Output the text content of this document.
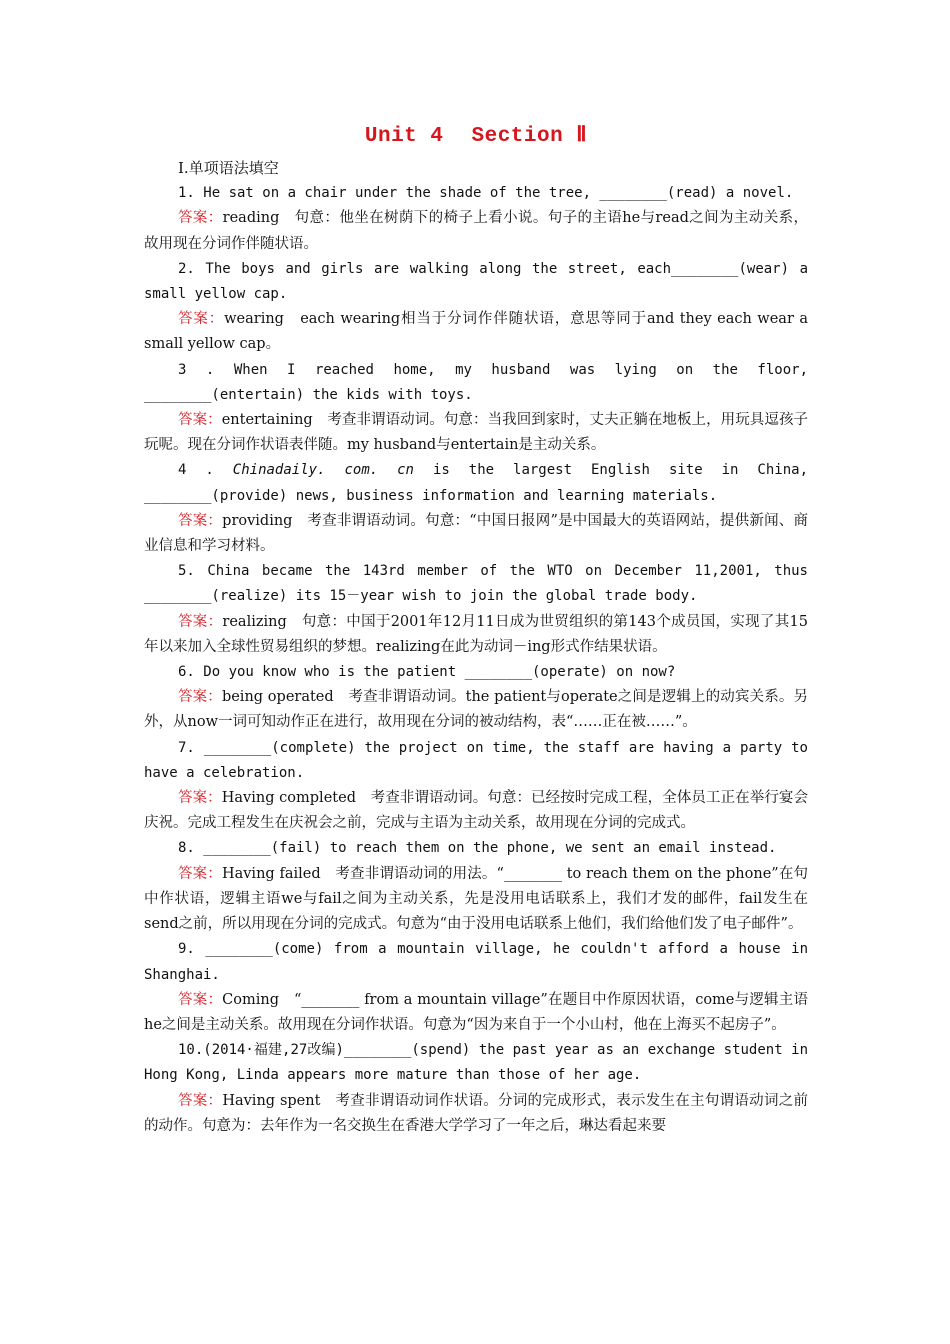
Unit 4 Section Ⅱ

Ⅰ.单项语法填空

1. He sat on a chair under the shade of the tree, ________(read) a novel.

答案：reading　句意：他坐在树荫下的椅子上看小说。句子的主语he与read之间为主动关系，故用现在分词作伴随状语。

2. The boys and girls are walking along the street, each________(wear) a small yellow cap.

答案：wearing　each wearing相当于分词作伴随状语，意思等同于and they each wear a small yellow cap。

3 . When I reached home, my husband was lying on the floor, ________(entertain) the kids with toys.

答案：entertaining　考查非谓语动词。句意：当我回到家时，丈夫正躺在地板上，用玩具逗孩子玩呢。现在分词作状语表伴随。my husband与entertain是主动关系。

4 . Chinadaily. com. cn is the largest English site in China, ________(provide) news, business information and learning materials.

答案：providing　考查非谓语动词。句意：“中国日报网”是中国最大的英语网站，提供新闻、商业信息和学习材料。

5. China became the 143rd member of the WTO on December 11,2001, thus ________(realize) its 15－year wish to join the global trade body.

答案：realizing　句意：中国于2001年12月11日成为世贸组织的第143个成员国，实现了其15年以来加入全球性贸易组织的梦想。realizing在此为动词－ing形式作结果状语。

6. Do you know who is the patient ________(operate) on now?

答案：being operated　考查非谓语动词。the patient与operate之间是逻辑上的动宾关系。另外，从now一词可知动作正在进行，故用现在分词的被动结构，表“……正在被……”。

7. ________(complete) the project on time, the staff are having a party to have a celebration.

答案：Having completed　考查非谓语动词。句意：已经按时完成工程，全体员工正在举行宴会庆祝。完成工程发生在庆祝会之前，完成与主语为主动关系，故用现在分词的完成式。

8. ________(fail) to reach them on the phone, we sent an email instead.

答案：Having failed　考查非谓语动词的用法。“________ to reach them on the phone”在句中作状语，逻辑主语we与fail之间为主动关系，先是没用电话联系上，我们才发的邮件，fail发生在send之前，所以用现在分词的完成式。句意为“由于没用电话联系上他们，我们给他们发了电子邮件”。

9. ________(come) from a mountain village, he couldn't afford a house in Shanghai.

答案：Coming　“________ from a mountain village”在题目中作原因状语，come与逻辑主语he之间是主动关系。故用现在分词作状语。句意为“因为来自于一个小山村，他在上海买不起房子”。

10.(2014·福建,27改编)________(spend) the past year as an exchange student in Hong Kong, Linda appears more mature than those of her age.

答案：Having spent　考查非谓语动词作状语。分词的完成形式，表示发生在主句谓语动词之前的动作。句意为：去年作为一名交换生在香港大学学习了一年之后，琳达看起来要
